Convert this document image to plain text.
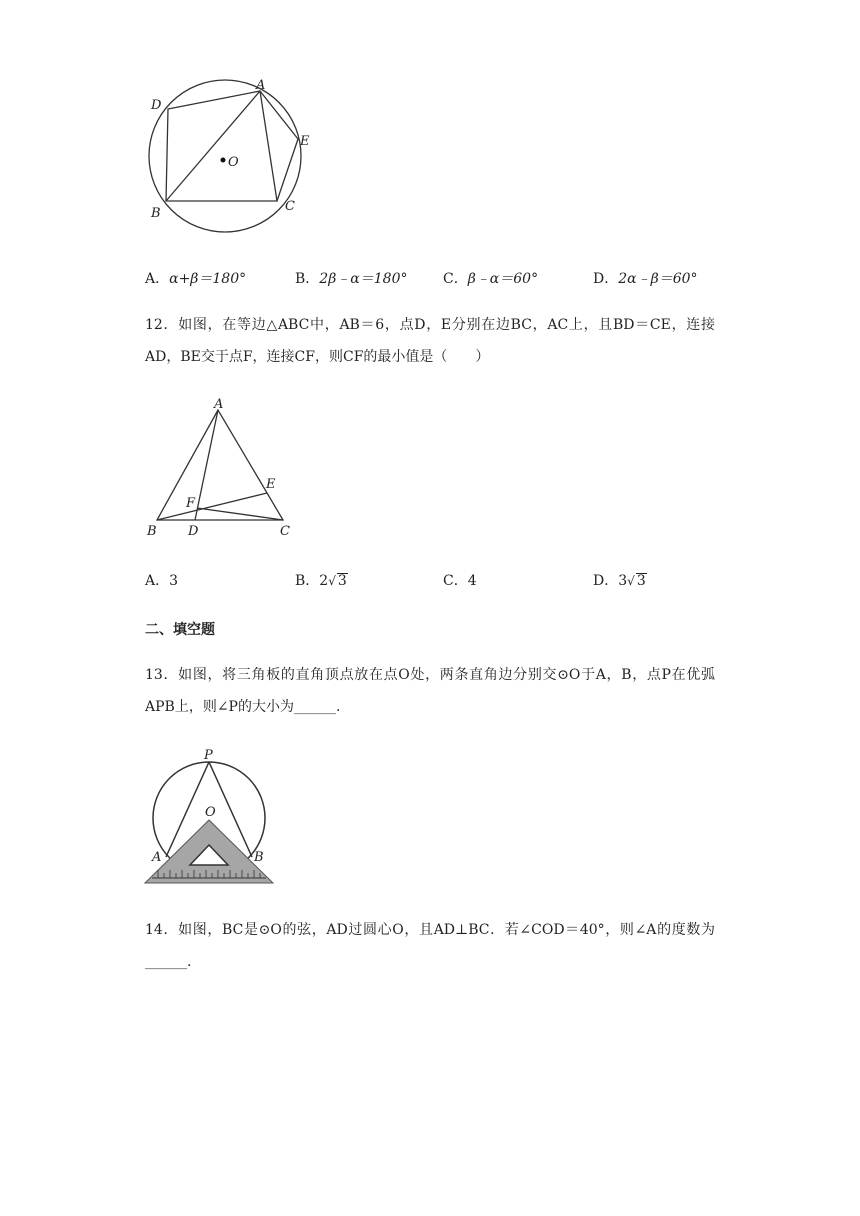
A
D
E
O
B	C
A．α+β＝180°	B．2β﹣α＝180°	C．β﹣α＝60°	D．2α﹣β＝60°
12．如图，在等边△ABC中，AB＝6，点D，E分别在边BC，AC上，且BD＝CE，连接AD，BE交于点F，连接CF，则CF的最小值是（　　）
A
E
F
B D	C
A．3	B．2√ 3	C．4	D．3√ 3
二、填空题
13．如图，将三角板的直角顶点放在点O处，两条直角边分别交⊙O于A，B，点P在优弧APB上，则∠P的大小为______.
P
O
A	B
14．如图，BC是⊙O的弦，AD过圆心O，且AD⊥BC．若∠COD＝40°，则∠A的度数为______.
